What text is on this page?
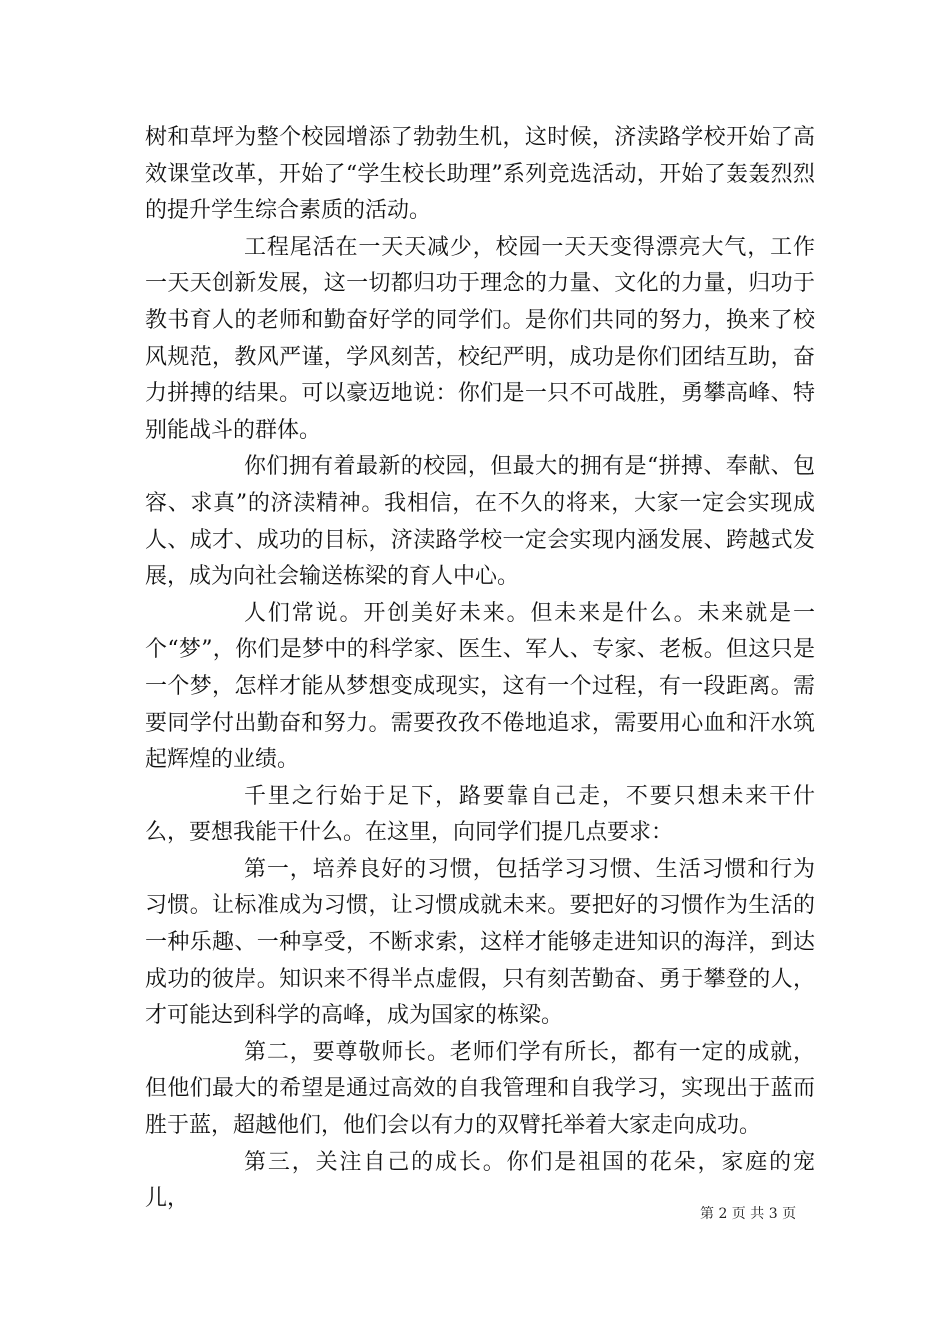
树和草坪为整个校园增添了勃勃生机，这时候，济渎路学校开始了高效课堂改革，开始了“学生校长助理”系列竞选活动，开始了轰轰烈烈的提升学生综合素质的活动。

工程尾活在一天天减少，校园一天天变得漂亮大气，工作一天天创新发展，这一切都归功于理念的力量、文化的力量，归功于教书育人的老师和勤奋好学的同学们。是你们共同的努力，换来了校风规范，教风严谨，学风刻苦，校纪严明，成功是你们团结互助，奋力拼搏的结果。可以豪迈地说：你们是一只不可战胜，勇攀高峰、特别能战斗的群体。

你们拥有着最新的校园，但最大的拥有是“拼搏、奉献、包容、求真”的济渎精神。我相信，在不久的将来，大家一定会实现成人、成才、成功的目标，济渎路学校一定会实现内涵发展、跨越式发展，成为向社会输送栋梁的育人中心。

人们常说。开创美好未来。但未来是什么。未来就是一个“梦”，你们是梦中的科学家、医生、军人、专家、老板。但这只是一个梦，怎样才能从梦想变成现实，这有一个过程，有一段距离。需要同学付出勤奋和努力。需要孜孜不倦地追求，需要用心血和汗水筑起辉煌的业绩。

千里之行始于足下，路要靠自己走，不要只想未来干什么，要想我能干什么。在这里，向同学们提几点要求：

第一，培养良好的习惯，包括学习习惯、生活习惯和行为习惯。让标准成为习惯，让习惯成就未来。要把好的习惯作为生活的一种乐趣、一种享受，不断求索，这样才能够走进知识的海洋，到达成功的彼岸。知识来不得半点虚假，只有刻苦勤奋、勇于攀登的人，才可能达到科学的高峰，成为国家的栋梁。

第二，要尊敬师长。老师们学有所长，都有一定的成就，但他们最大的希望是通过高效的自我管理和自我学习，实现出于蓝而胜于蓝，超越他们，他们会以有力的双臂托举着大家走向成功。

第三，关注自己的成长。你们是祖国的花朵，家庭的宠儿，

第 2 页 共 3 页
